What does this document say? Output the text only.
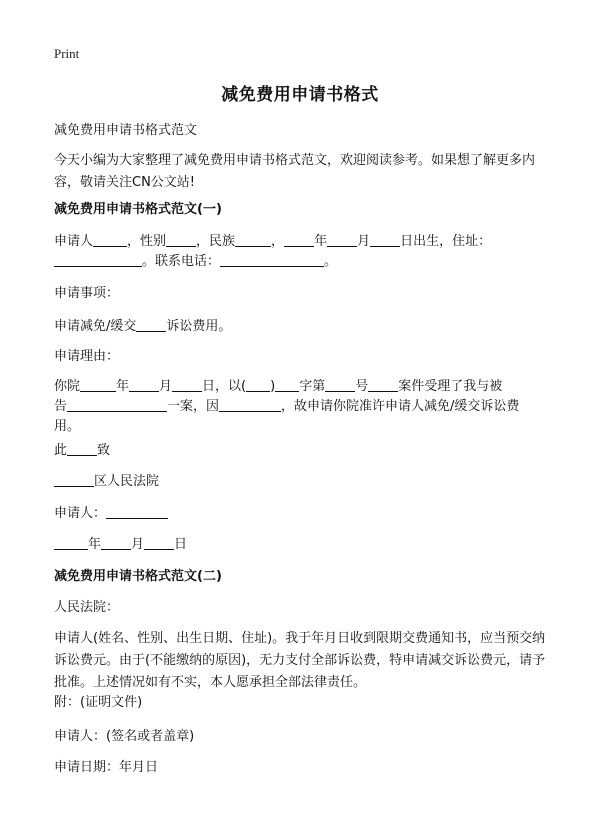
Print
减免费用申请书格式
减免费用申请书格式范文
今天小编为大家整理了减免费用申请书格式范文，欢迎阅读参考。如果想了解更多内容，敬请关注CN公文站!
减免费用申请书格式范文(一)
申请人	，性别 ，民族	， 年 月 日出生，住址：
。联系电话：	。
申请事项：
申请减免/缓交 诉讼费用。
申请理由：
你院	年 月 日，以( ) 字第 号 案件受理了我与被
告	一案，因	，故申请你院准许申请人减免/缓交诉讼费
用。
此 致
区人民法院
申请人：
年 月 日
减免费用申请书格式范文(二)
人民法院：
申请人(姓名、性别、出生日期、住址)。我于年月日收到限期交费通知书，应当预交纳诉讼费元。由于(不能缴纳的原因)，无力支付全部诉讼费，特申请减交诉讼费元，请予批准。上述情况如有不实，本人愿承担全部法律责任。
附：(证明文件)
申请人：(签名或者盖章)
申请日期：年月日
